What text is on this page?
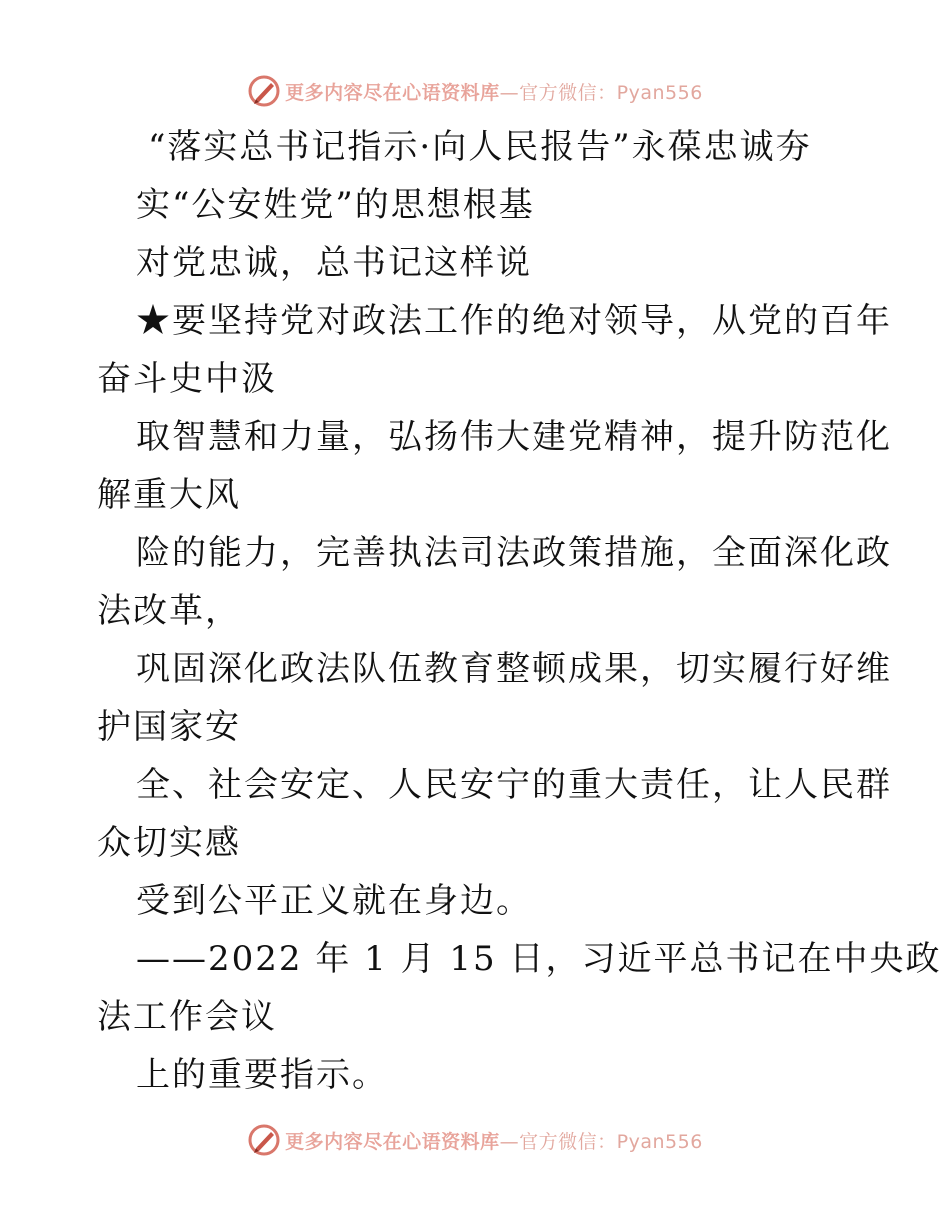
更多内容尽在心语资料库—官方微信：Pyan556
“落实总书记指示·向人民报告”永葆忠诚夯
实“公安姓党”的思想根基
对党忠诚，总书记这样说
★要坚持党对政法工作的绝对领导，从党的百年
奋斗史中汲
取智慧和力量，弘扬伟大建党精神，提升防范化
解重大风
险的能力，完善执法司法政策措施，全面深化政
法改革，
巩固深化政法队伍教育整顿成果，切实履行好维
护国家安
全、社会安定、人民安宁的重大责任，让人民群
众切实感
受到公平正义就在身边。
——2022 年 1 月 15 日，习近平总书记在中央政
法工作会议
上的重要指示。
更多内容尽在心语资料库—官方微信：Pyan556
